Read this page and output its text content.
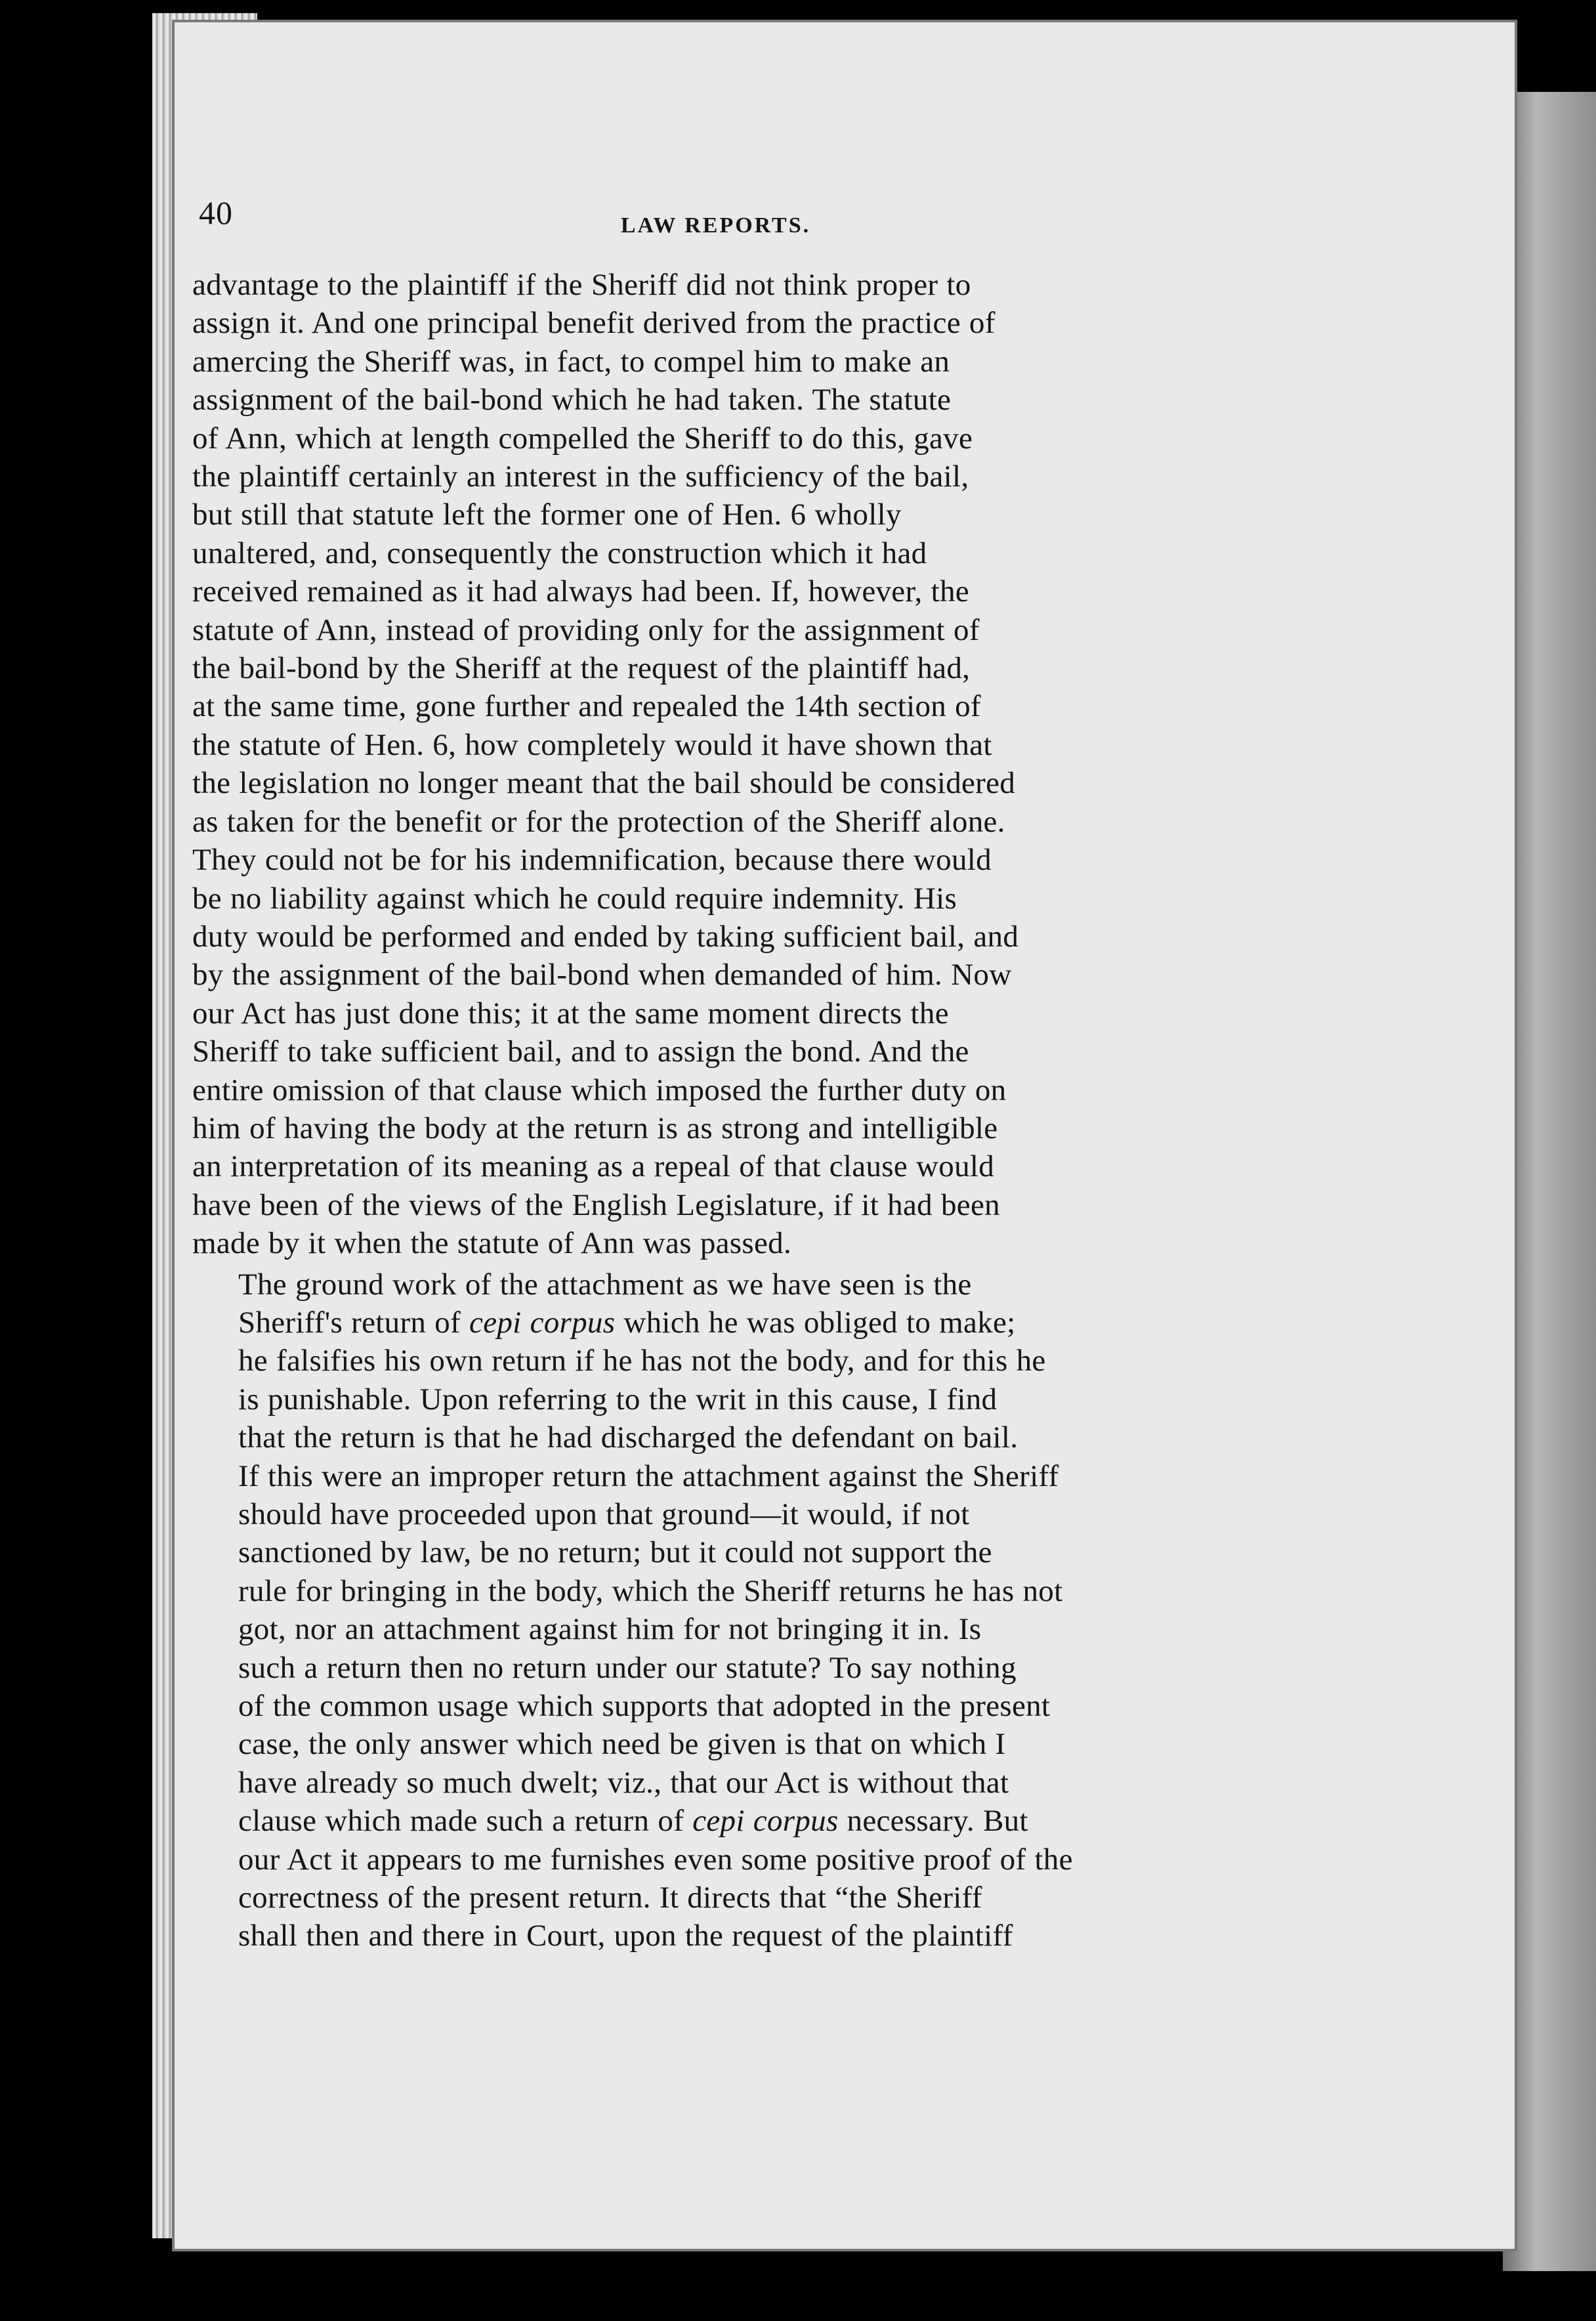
40	LAW REPORTS.

advantage to the plaintiff if the Sheriff did not think proper to
assign it. And one principal benefit derived from the practice of
amercing the Sheriff was, in fact, to compel him to make an
assignment of the bail-bond which he had taken. The statute
of Ann, which at length compelled the Sheriff to do this, gave
the plaintiff certainly an interest in the sufficiency of the bail,
but still that statute left the former one of Hen. 6 wholly
unaltered, and, consequently the construction which it had
received remained as it had always had been. If, however, the
statute of Ann, instead of providing only for the assignment of
the bail-bond by the Sheriff at the request of the plaintiff had,
at the same time, gone further and repealed the 14th section of
the statute of Hen. 6, how completely would it have shown that
the legislation no longer meant that the bail should be considered
as taken for the benefit or for the protection of the Sheriff alone.
They could not be for his indemnification, because there would
be no liability against which he could require indemnity. His
duty would be performed and ended by taking sufficient bail, and
by the assignment of the bail-bond when demanded of him. Now
our Act has just done this; it at the same moment directs the
Sheriff to take sufficient bail, and to assign the bond. And the
entire omission of that clause which imposed the further duty on
him of having the body at the return is as strong and intelligible
an interpretation of its meaning as a repeal of that clause would
have been of the views of the English Legislature, if it had been
made by it when the statute of Ann was passed.

The ground work of the attachment as we have seen is the
Sheriff's return of cepi corpus which he was obliged to make;
he falsifies his own return if he has not the body, and for this he
is punishable. Upon referring to the writ in this cause, I find
that the return is that he had discharged the defendant on bail.
If this were an improper return the attachment against the Sheriff
should have proceeded upon that ground—it would, if not
sanctioned by law, be no return; but it could not support the
rule for bringing in the body, which the Sheriff returns he has not
got, nor an attachment against him for not bringing it in. Is
such a return then no return under our statute? To say nothing
of the common usage which supports that adopted in the present
case, the only answer which need be given is that on which I
have already so much dwelt; viz., that our Act is without that
clause which made such a return of cepi corpus necessary. But
our Act it appears to me furnishes even some positive proof of the
correctness of the present return. It directs that “the Sheriff
shall then and there in Court, upon the request of the plaintiff
